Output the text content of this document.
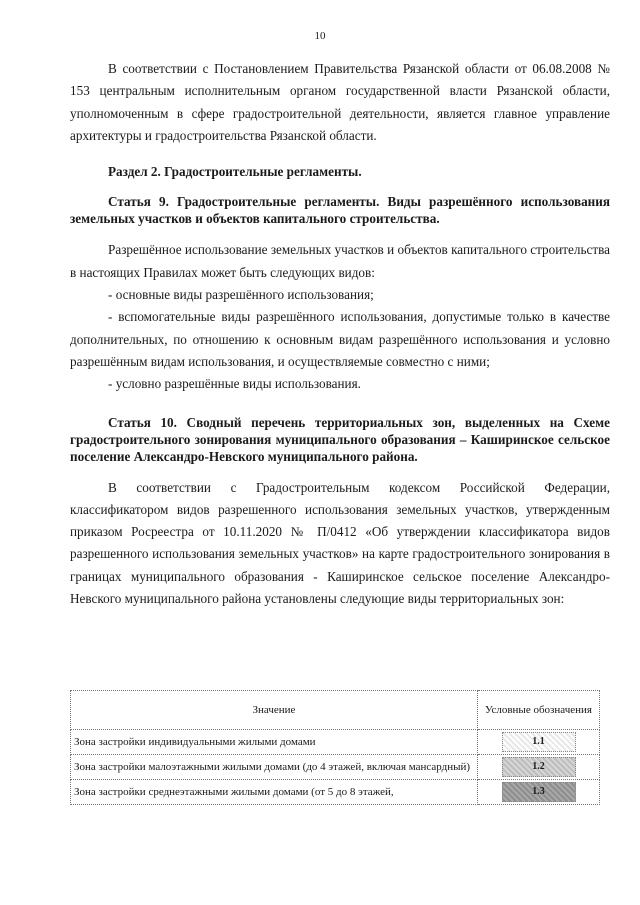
10

В соответствии с Постановлением Правительства Рязанской области от 06.08.2008 № 153 центральным исполнительным органом государственной власти Рязанской области, уполномоченным в сфере градостроительной деятельности, является главное управление архитектуры и градостроительства Рязанской области.

Раздел 2. Градостроительные регламенты.

Статья 9. Градостроительные регламенты. Виды разрешённого использования земельных участков и объектов капитального строительства.

Разрешённое использование земельных участков и объектов капитального строительства в настоящих Правилах может быть следующих видов:

- основные виды разрешённого использования;

- вспомогательные виды разрешённого использования, допустимые только в качестве дополнительных, по отношению к основным видам разрешённого использования и условно разрешённым видам использования, и осуществляемые совместно с ними;

- условно разрешённые виды использования.

Статья 10. Сводный перечень территориальных зон, выделенных на Схеме градостроительного зонирования муниципального образования – Каширинское сельское поселение Александро-Невского муниципального района.

В соответствии с Градостроительным кодексом Российской Федерации, классификатором видов разрешенного использования земельных участков, утвержденным приказом Росреестра от 10.11.2020 № П/0412 «Об утверждении классификатора видов разрешенного использования земельных участков» на карте градостроительного зонирования в границах муниципального образования - Каширинское сельское поселение Александро-Невского муниципального района установлены следующие виды территориальных зон:

Значение	Условные обозначения
Зона застройки индивидуальными жилыми домами	1.1
Зона застройки малоэтажными жилыми домами (до 4 этажей, включая мансардный)	1.2
Зона застройки среднеэтажными жилыми домами (от 5 до 8 этажей,	1.3
